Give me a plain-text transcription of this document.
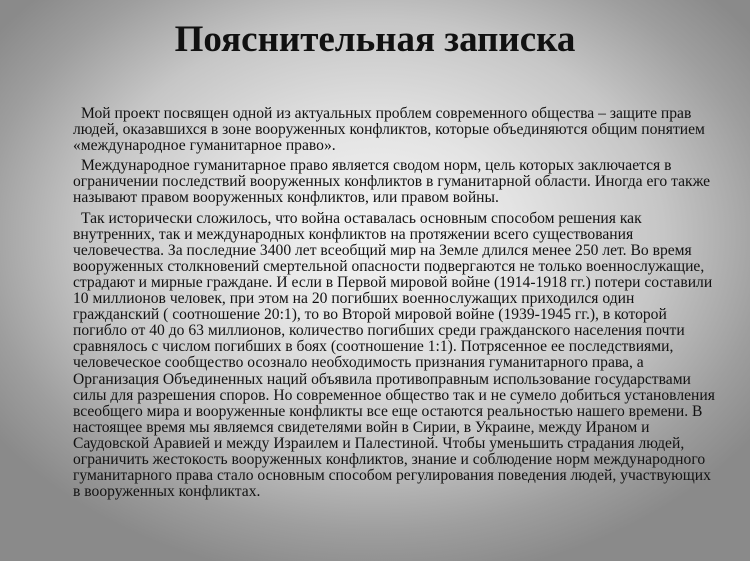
Пояснительная записка

Мой проект посвящен одной из актуальных проблем современного общества – защите прав людей, оказавшихся в зоне вооруженных конфликтов, которые объединяются общим понятием «международное гуманитарное право».

Международное гуманитарное право является сводом норм, цель которых заключается в ограничении последствий вооруженных конфликтов в гуманитарной области. Иногда его также называют правом вооруженных конфликтов, или правом войны.

Так исторически сложилось, что война оставалась основным способом решения как внутренних, так и международных конфликтов на протяжении всего существования человечества. За последние 3400 лет всеобщий мир на Земле длился менее 250 лет. Во время вооруженных столкновений смертельной опасности подвергаются не только военнослужащие, страдают и мирные граждане. И если в Первой мировой войне (1914-1918 гг.) потери составили 10 миллионов человек, при этом на 20 погибших военнослужащих приходился один гражданский ( соотношение 20:1), то во Второй мировой войне (1939-1945 гг.), в которой погибло от 40 до 63 миллионов, количество погибших среди гражданского населения почти сравнялось с числом погибших в боях (соотношение 1:1). Потрясенное ее последствиями, человеческое сообщество осознало необходимость признания гуманитарного права, а Организация Объединенных наций объявила противоправным использование государствами силы для разрешения споров. Но современное общество так и не сумело добиться установления всеобщего мира и вооруженные конфликты все еще остаются реальностью нашего времени. В настоящее время мы являемся свидетелями войн в Сирии, в Украине, между Ираном и Саудовской Аравией и между Израилем и Палестиной. Чтобы уменьшить страдания людей, ограничить жестокость вооруженных конфликтов, знание и соблюдение норм международного гуманитарного права стало основным способом регулирования поведения людей, участвующих в вооруженных конфликтах.
